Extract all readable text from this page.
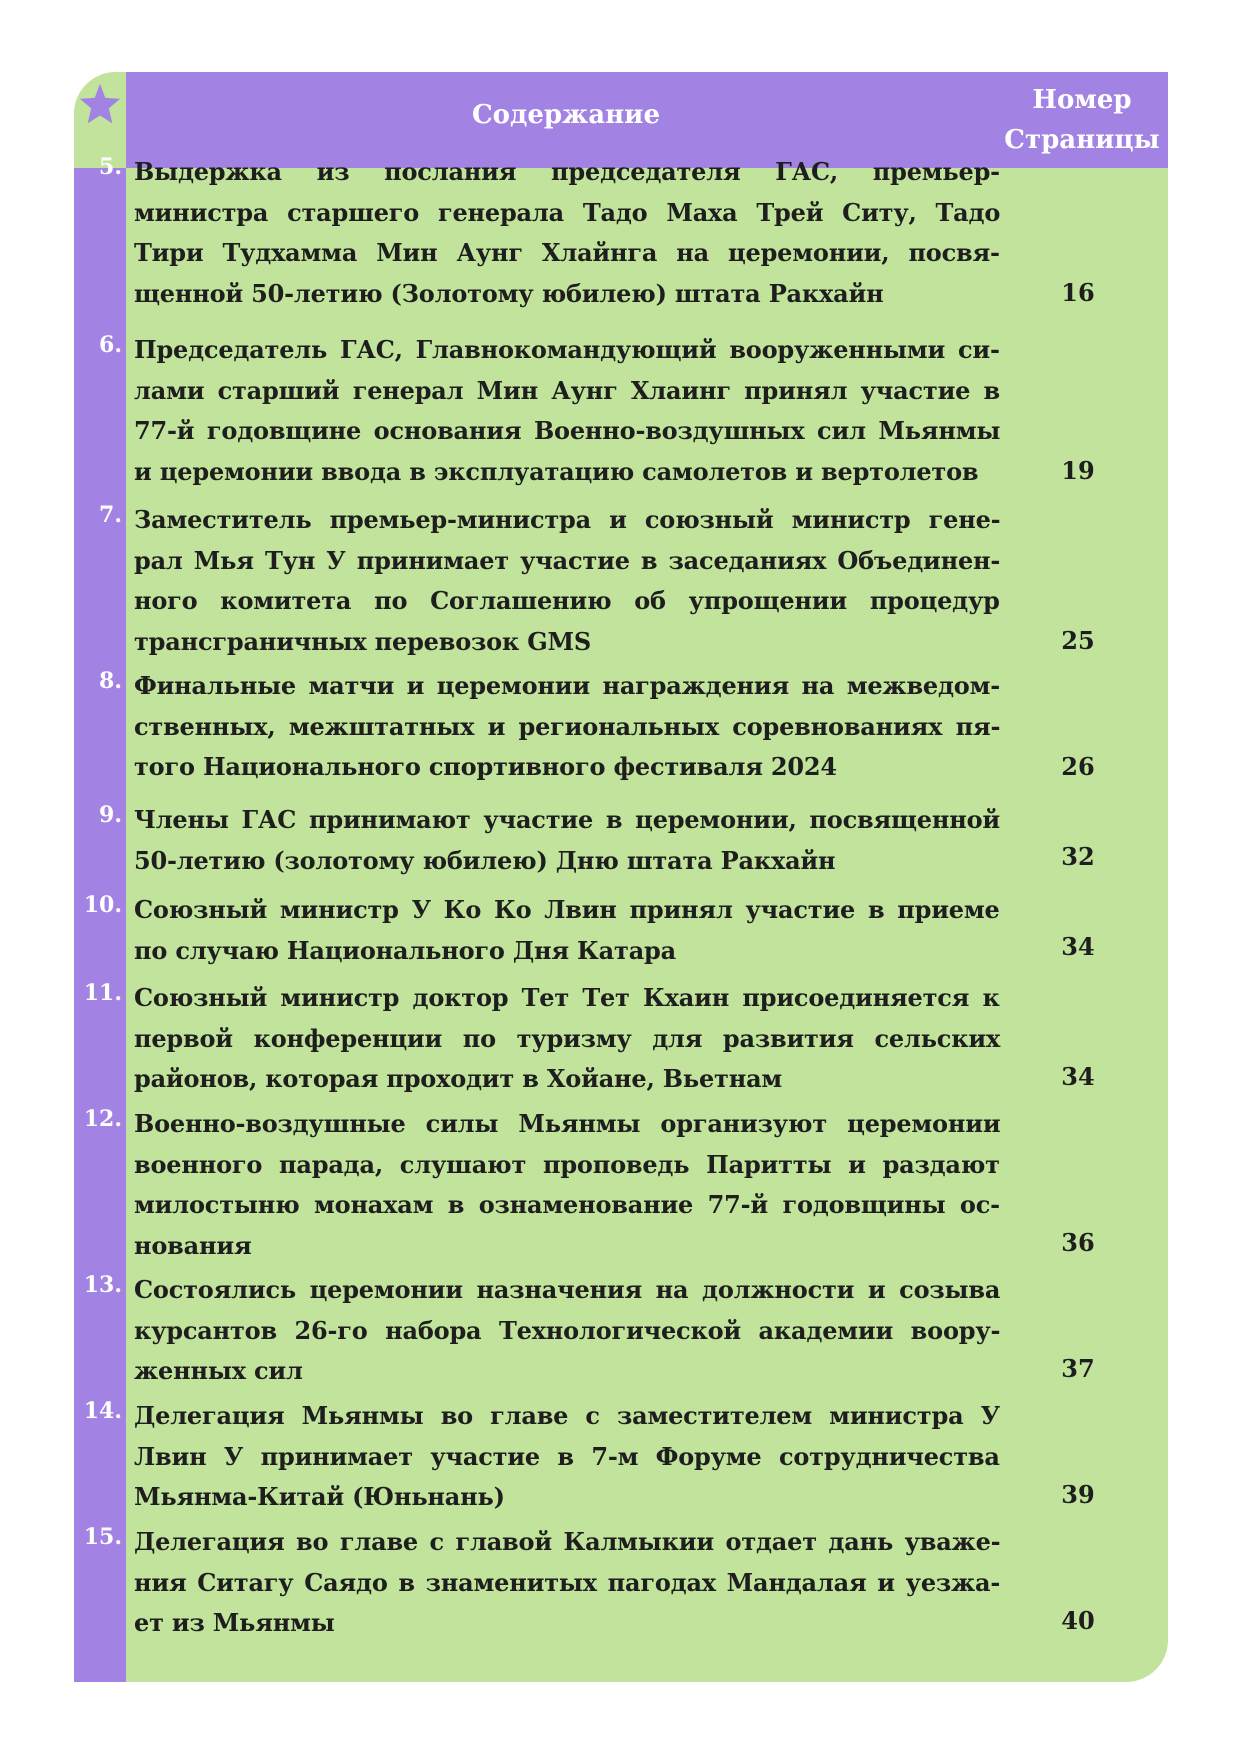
Содержание	Номер
Страницы
5. Выдержка из послания председателя ГАС, премьер-
министра старшего генерала Тадо Маха Трей Ситу, Тадо
Тири Тудхамма Мин Аунг Хлайнга на церемонии, посвя-
щенной 50-летию (Золотому юбилею) штата Ракхайн	16
6. Председатель ГАС, Главнокомандующий вооруженными си-
лами старший генерал Мин Аунг Хлаинг принял участие в
77-й годовщине основания Военно-воздушных сил Мьянмы
и церемонии ввода в эксплуатацию самолетов и вертолетов	19
7. Заместитель премьер-министра и союзный министр гене-
рал Мья Тун У принимает участие в заседаниях Объединен-
ного комитета по Соглашению об упрощении процедур
трансграничных перевозок GMS	25
8. Финальные матчи и церемонии награждения на межведом-
ственных, межштатных и региональных соревнованиях пя-
того Национального спортивного фестиваля 2024	26
9. Члены ГАС принимают участие в церемонии, посвященной
50-летию (золотому юбилею) Дню штата Ракхайн	32
10. Союзный министр У Ко Ко Лвин принял участие в приеме
по случаю Национального Дня Катара	34
11. Союзный министр доктор Тет Тет Кхаин присоединяется к
первой конференции по туризму для развития сельских
районов, которая проходит в Хойане, Вьетнам	34
12. Военно-воздушные силы Мьянмы организуют церемонии
военного парада, слушают проповедь Паритты и раздают
милостыню монахам в ознаменование 77-й годовщины ос-
нования	36
13. Состоялись церемонии назначения на должности и созыва
курсантов 26-го набора Технологической академии воору-
женных сил	37
14. Делегация Мьянмы во главе с заместителем министра У
Лвин У принимает участие в 7-м Форуме сотрудничества
Мьянма-Китай (Юньнань)	39
15. Делегация во главе с главой Калмыкии отдает дань уваже-
ния Ситагу Саядо в знаменитых пагодах Мандалая и уезжа-
ет из Мьянмы	40
